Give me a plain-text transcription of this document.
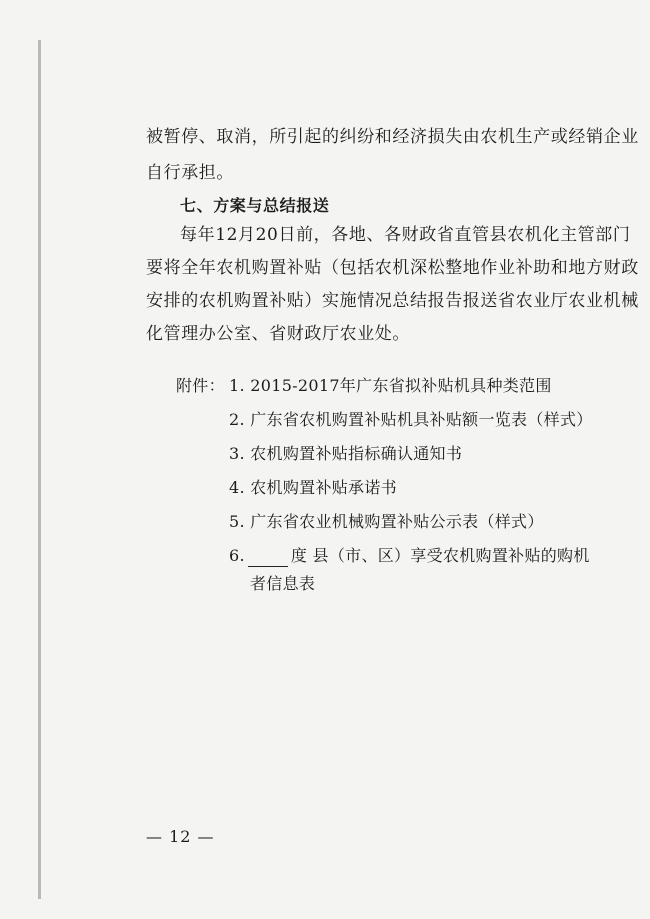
被暂停、取消，所引起的纠纷和经济损失由农机生产或经销企业
自行承担。
七、方案与总结报送
每年12月20日前，各地、各财政省直管县农机化主管部门
要将全年农机购置补贴（包括农机深松整地作业补助和地方财政
安排的农机购置补贴）实施情况总结报告报送省农业厅农业机械
化管理办公室、省财政厅农业处。
附件： 1. 2015-2017年广东省拟补贴机具种类范围
2. 广东省农机购置补贴机具补贴额一览表（样式）
3. 农机购置补贴指标确认通知书
4. 农机购置补贴承诺书
5. 广东省农业机械购置补贴公示表（样式）
6.	度 县（市、区）享受农机购置补贴的购机
者信息表
— 12 —
